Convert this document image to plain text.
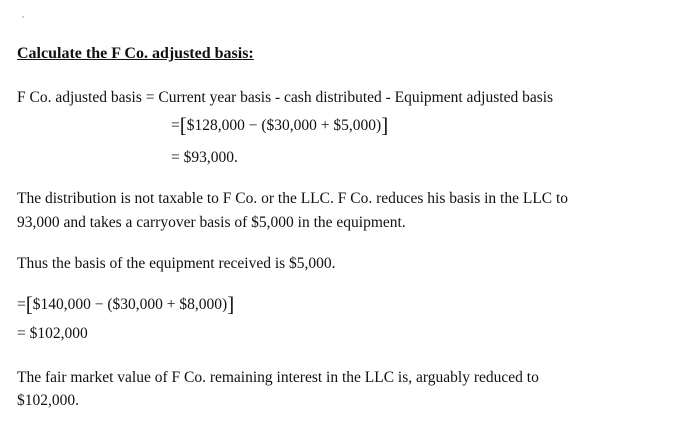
Calculate the F Co. adjusted basis:
F Co. adjusted basis = Current year basis - cash distributed - Equipment adjusted basis
=[$128,000 − ($30,000 + $5,000)]
= $93,000.
The distribution is not taxable to F Co. or the LLC. F Co. reduces his basis in the LLC to
93,000 and takes a carryover basis of $5,000 in the equipment.
Thus the basis of the equipment received is $5,000.
=[$140,000 − ($30,000 + $8,000)]
= $102,000
The fair market value of F Co. remaining interest in the LLC is, arguably reduced to
$102,000.
